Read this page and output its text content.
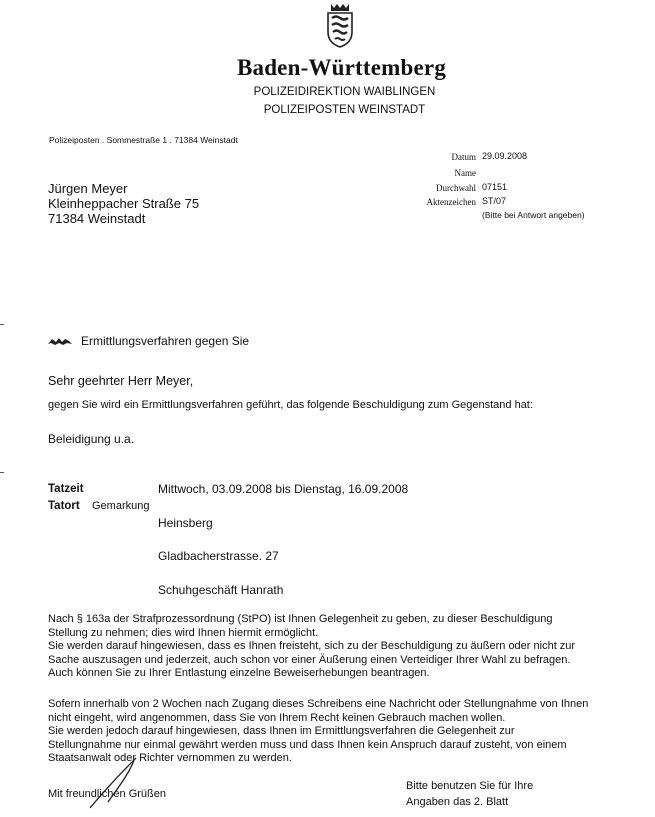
Baden-Württemberg
POLIZEIDIREKTION WAIBLINGEN
POLIZEIPOSTEN WEINSTADT
Polizeiposten . Sommestraße 1 . 71384 Weinstadt
Datum 29.09.2008
Name
Durchwahl 07151
Aktenzeichen ST/07
(Bitte bei Antwort angeben)
Jürgen Meyer
Kleinheppacher Straße 75
71384 Weinstadt
Ermittlungsverfahren gegen Sie
Sehr geehrter Herr Meyer,
gegen Sie wird ein Ermittlungsverfahren geführt, das folgende Beschuldigung zum Gegenstand hat:
Beleidigung u.a.
Tatzeit	Mittwoch, 03.09.2008 bis Dienstag, 16.09.2008
Tatort Gemarkung
Heinsberg
Gladbacherstrasse. 27
Schuhgeschäft Hanrath
Nach § 163a der Strafprozessordnung (StPO) ist Ihnen Gelegenheit zu geben, zu dieser Beschuldigung
Stellung zu nehmen; dies wird Ihnen hiermit ermöglicht.
Sie werden darauf hingewiesen, dass es Ihnen freisteht, sich zu der Beschuldigung zu äußern oder nicht zur
Sache auszusagen und jederzeit, auch schon vor einer Äußerung einen Verteidiger Ihrer Wahl zu befragen.
Auch können Sie zu Ihrer Entlastung einzelne Beweiserhebungen beantragen.
Sofern innerhalb von 2 Wochen nach Zugang dieses Schreibens eine Nachricht oder Stellungnahme von Ihnen
nicht eingeht, wird angenommen, dass Sie von Ihrem Recht keinen Gebrauch machen wollen.
Sie werden jedoch darauf hingewiesen, dass Ihnen im Ermittlungsverfahren die Gelegenheit zur
Stellungnahme nur einmal gewährt werden muss und dass Ihnen kein Anspruch darauf zusteht, von einem
Staatsanwalt oder Richter vernommen zu werden.
Mit freundlichen Grüßen
Bitte benutzen Sie für Ihre
Angaben das 2. Blatt
